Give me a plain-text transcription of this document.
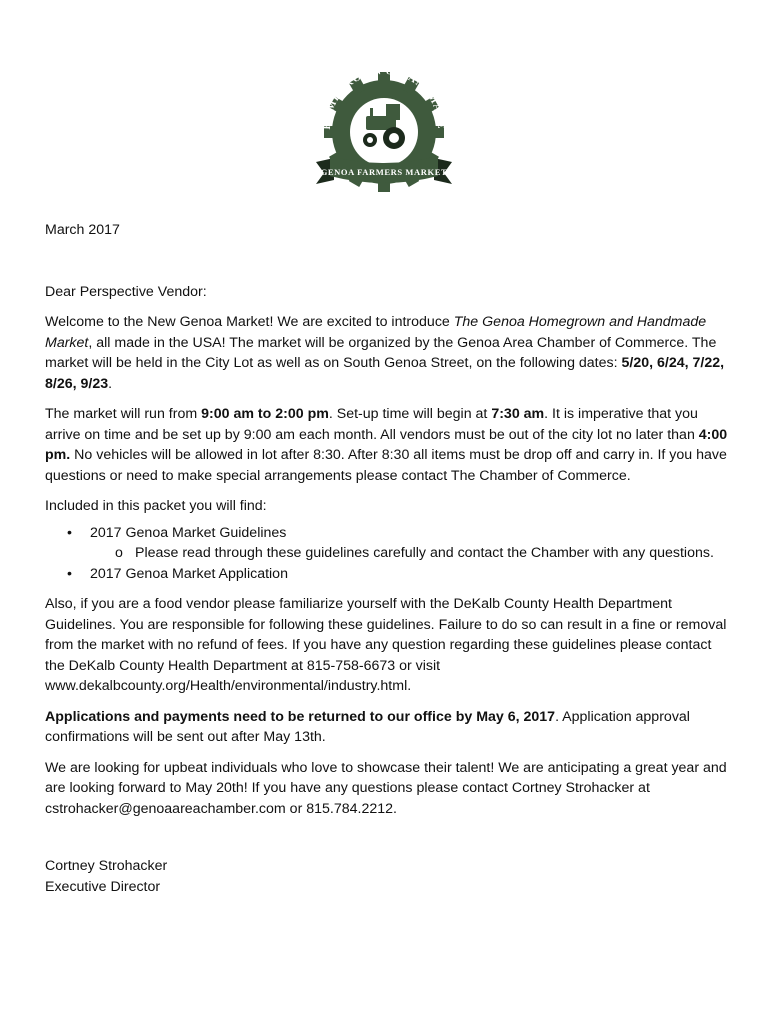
HOMEGROWN & HANDMADE
GENOA FARMERS MARKET

March 2017

Dear Perspective Vendor:

Welcome to the New Genoa Market! We are excited to introduce The Genoa Homegrown and Handmade Market, all made in the USA! The market will be organized by the Genoa Area Chamber of Commerce. The market will be held in the City Lot as well as on South Genoa Street, on the following dates: 5/20, 6/24, 7/22, 8/26, 9/23.

The market will run from 9:00 am to 2:00 pm. Set-up time will begin at 7:30 am. It is imperative that you arrive on time and be set up by 9:00 am each month. All vendors must be out of the city lot no later than 4:00 pm. No vehicles will be allowed in lot after 8:30. After 8:30 all items must be drop off and carry in. If you have questions or need to make special arrangements please contact The Chamber of Commerce.

Included in this packet you will find:

• 2017 Genoa Market Guidelines
o Please read through these guidelines carefully and contact the Chamber with any questions.
• 2017 Genoa Market Application

Also, if you are a food vendor please familiarize yourself with the DeKalb County Health Department Guidelines. You are responsible for following these guidelines. Failure to do so can result in a fine or removal from the market with no refund of fees. If you have any question regarding these guidelines please contact the DeKalb County Health Department at 815-758-6673 or visit www.dekalbcounty.org/Health/environmental/industry.html.

Applications and payments need to be returned to our office by May 6, 2017. Application approval confirmations will be sent out after May 13th.

We are looking for upbeat individuals who love to showcase their talent! We are anticipating a great year and are looking forward to May 20th! If you have any questions please contact Cortney Strohacker at cstrohacker@genoaareachamber.com or 815.784.2212.

Cortney Strohacker

Executive Director
